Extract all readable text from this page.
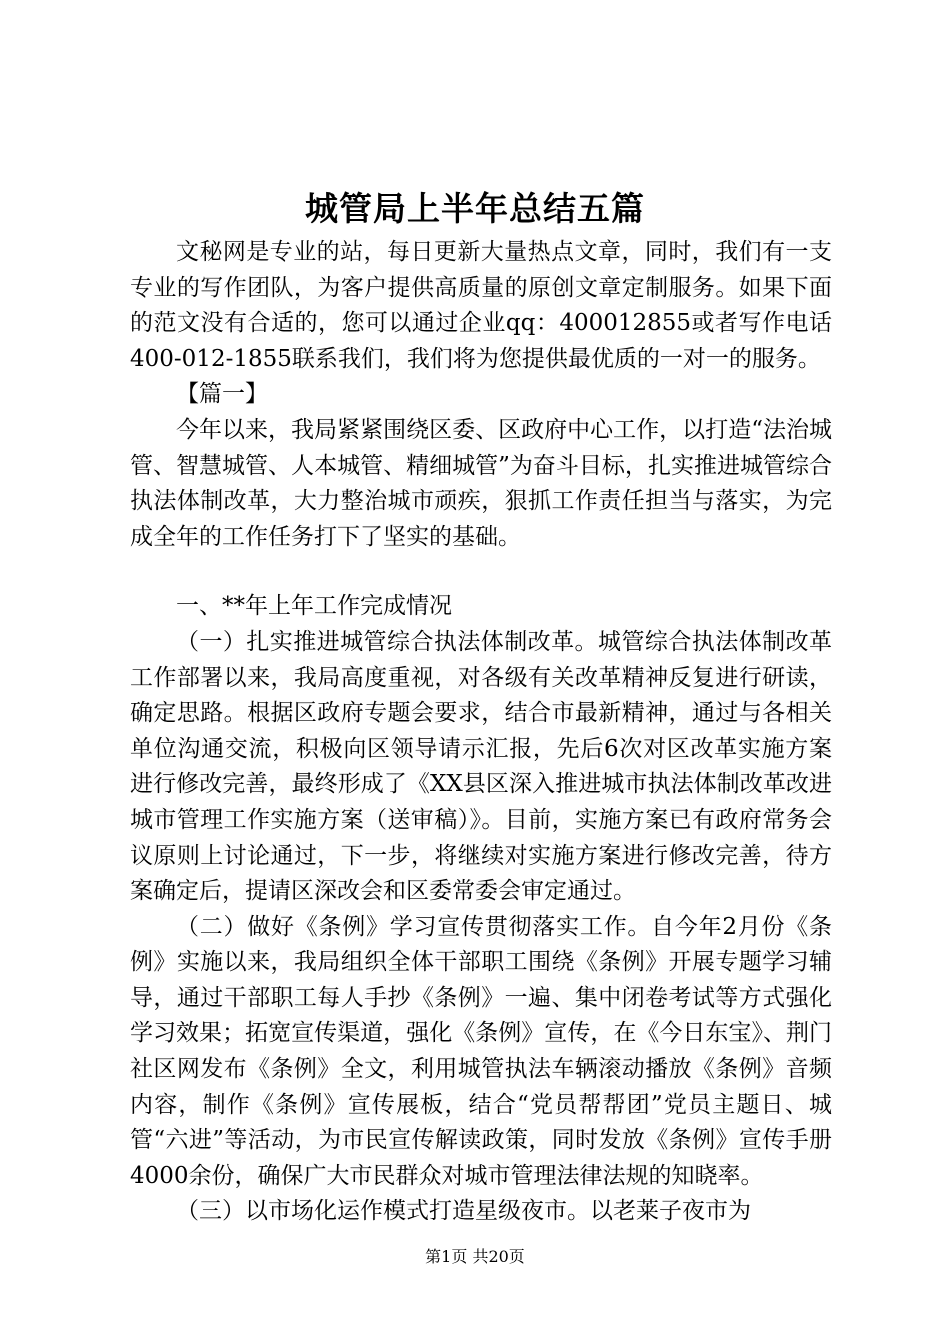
城管局上半年总结五篇

文秘网是专业的站，每日更新大量热点文章，同时，我们有一支专业的写作团队，为客户提供高质量的原创文章定制服务。如果下面的范文没有合适的，您可以通过企业qq：400012855或者写作电话400-012-1855联系我们，我们将为您提供最优质的一对一的服务。

【篇一】

今年以来，我局紧紧围绕区委、区政府中心工作，以打造“法治城管、智慧城管、人本城管、精细城管”为奋斗目标，扎实推进城管综合执法体制改革，大力整治城市顽疾，狠抓工作责任担当与落实，为完成全年的工作任务打下了坚实的基础。

一、**年上年工作完成情况

（一）扎实推进城管综合执法体制改革。城管综合执法体制改革工作部署以来，我局高度重视，对各级有关改革精神反复进行研读，确定思路。根据区政府专题会要求，结合市最新精神，通过与各相关单位沟通交流，积极向区领导请示汇报，先后6次对区改革实施方案进行修改完善，最终形成了《XX县区深入推进城市执法体制改革改进城市管理工作实施方案（送审稿）》。目前，实施方案已有政府常务会议原则上讨论通过，下一步，将继续对实施方案进行修改完善，待方案确定后，提请区深改会和区委常委会审定通过。

（二）做好《条例》学习宣传贯彻落实工作。自今年2月份《条例》实施以来，我局组织全体干部职工围绕《条例》开展专题学习辅导，通过干部职工每人手抄《条例》一遍、集中闭卷考试等方式强化学习效果；拓宽宣传渠道，强化《条例》宣传，在《今日东宝》、荆门社区网发布《条例》全文，利用城管执法车辆滚动播放《条例》音频内容，制作《条例》宣传展板，结合“党员帮帮团”党员主题日、城管“六进”等活动，为市民宣传解读政策，同时发放《条例》宣传手册4000余份，确保广大市民群众对城市管理法律法规的知晓率。

（三）以市场化运作模式打造星级夜市。以老莱子夜市为

第1页 共20页
